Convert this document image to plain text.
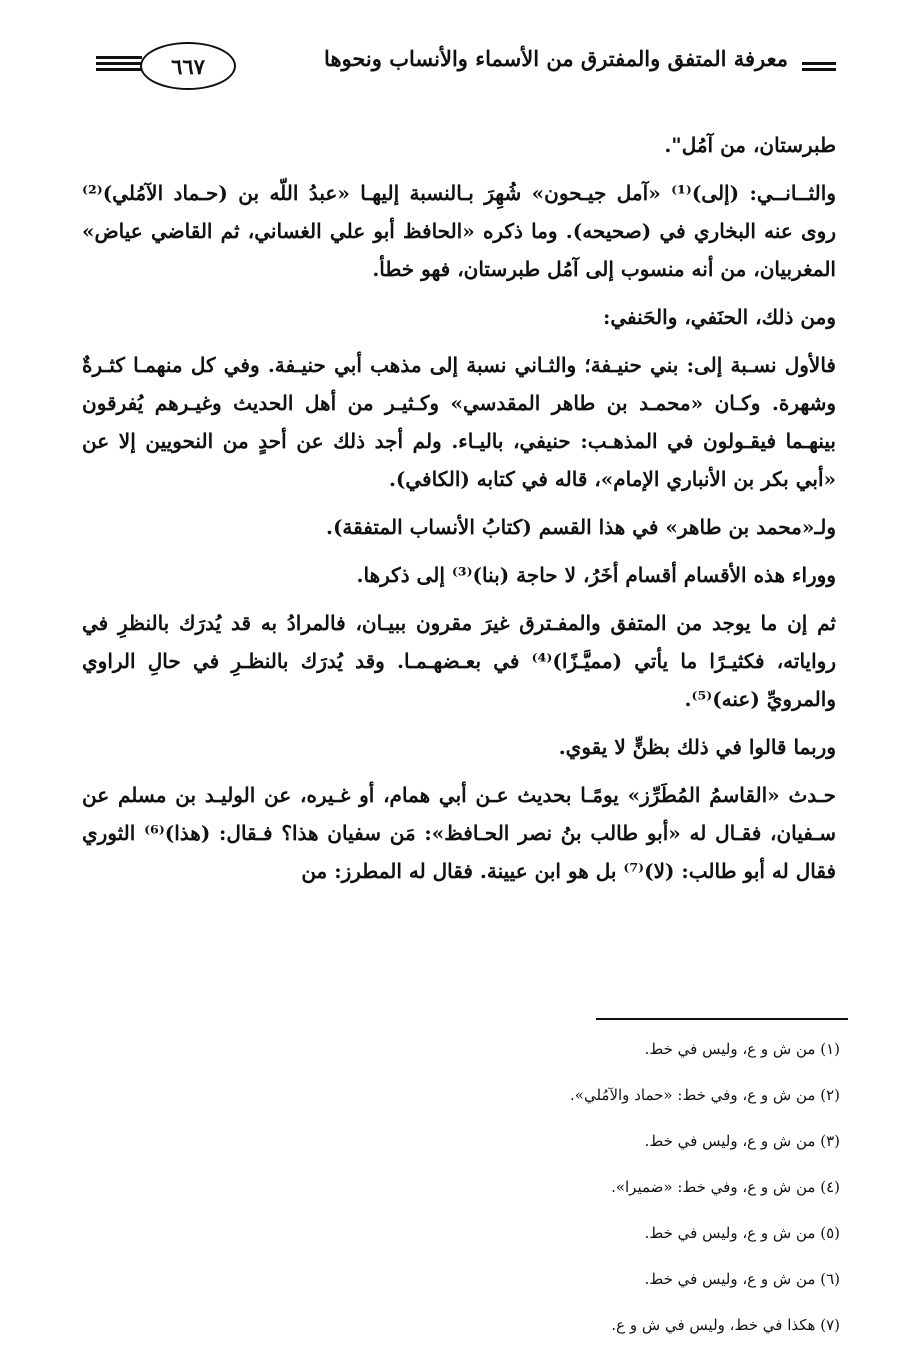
٦٦٧	معرفة المتفق والمفترق من الأسماء والأنساب ونحوها

طبرستان، من آمُل".

والثــانــي: (إلى)⁽¹⁾ «آمل جيـحون» شُهِرَ بـالنسبة إليهـا «عبدُ اللّه بن (حـماد الآمُلي)⁽²⁾ روى عنه البخاري في (صحيحه). وما ذكره «الحافظ أبو علي الغساني، ثم القاضي عياض» المغربيان، من أنه منسوب إلى آمُل طبرستان، فهو خطأ.

ومن ذلك، الحنَفي، والحَنفي:

فالأول نسـبة إلى: بني حنيـفة؛ والثـاني نسبة إلى مذهب أبي حنيـفة. وفي كل منهمـا كثـرةٌ وشهرة. وكـان «محمـد بن طاهر المقدسي» وكـثيـر من أهل الحديث وغيـرهم يُفرقون بينهـما فيقـولون في المذهـب: حنيفي، باليـاء. ولم أجد ذلك عن أحدٍ من النحويين إلا عن «أبي بكر بن الأنباري الإمام»، قاله في كتابه (الكافي).

ولـ«محمد بن طاهر» في هذا القسم (كتابُ الأنساب المتفقة).

ووراء هذه الأقسام أقسام أخَرُ، لا حاجة (بنا)⁽³⁾ إلى ذكرها.

ثم إن ما يوجد من المتفق والمفـترق غيرَ مقرون ببيـان، فالمرادُ به قد يُدرَك بالنظرِ في رواياته، فكثيـرًا ما يأتي (مميَّـزًا)⁽⁴⁾ في بعـضهـمـا. وقد يُدرَك بالنظـرِ في حالِ الراوي والمرويِّ (عنه)⁽⁵⁾.

وربما قالوا في ذلك بظنٍّ لا يقوي.

حـدث «القاسمُ المُطَرِّز» يومًـا بحديث عـن أبي همام، أو غـيره، عن الوليـد بن مسلم عن سـفيان، فقـال له «أبو طالب بنُ نصر الحـافظ»: مَن سفيان هذا؟ فـقال: (هذا)⁽⁶⁾ الثوري فقال له أبو طالب: (لا)⁽⁷⁾ بل هو ابن عيينة. فقال له المطرز: من

(١) من ش و ع، وليس في خط.
(٢) من ش و ع، وفي خط: «حماد والآمُلي».
(٣) من ش و ع، وليس في خط.
(٤) من ش و ع، وفي خط: «ضميرا».
(٥) من ش و ع، وليس في خط.
(٦) من ش و ع، وليس في خط.
(٧) هكذا في خط، وليس في ش و ع.
